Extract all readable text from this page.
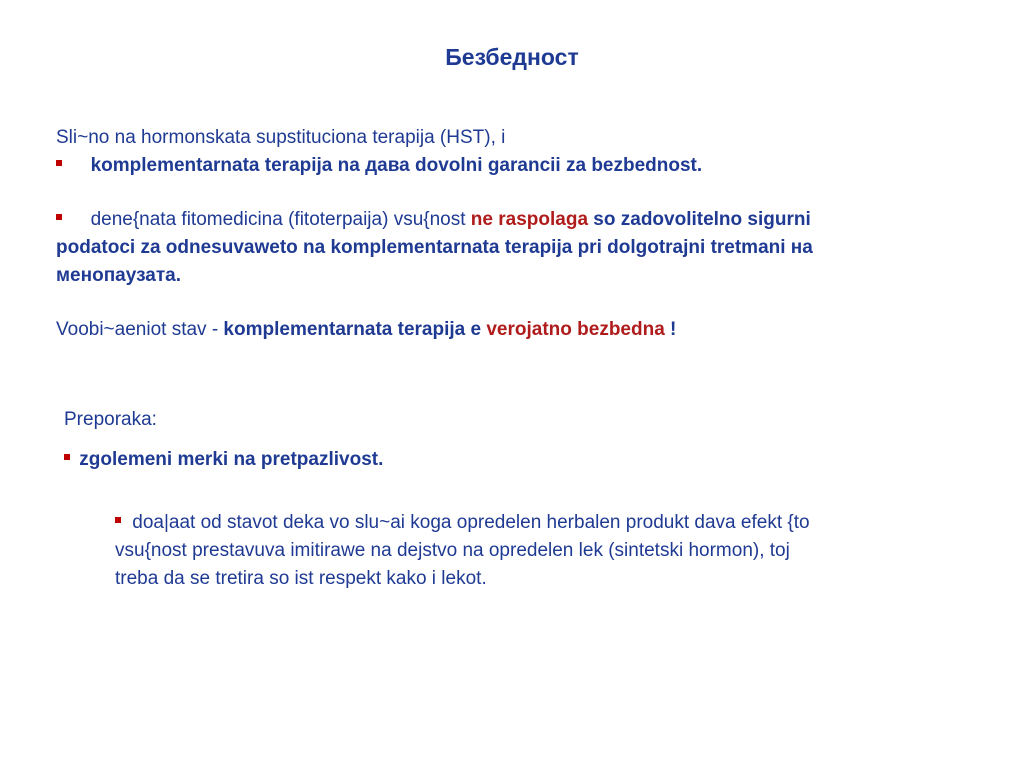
Безбедност
Sli~no na hormonskata supstituciona terapija (HST), i
komplementarnata terapija na дава dovolni garancii za bezbednost.
dene{nata fitomedicina (fitoterpaija) vsu{nost ne raspolaga so zadovolitelno sigurni
podatoci za odnesuvaweto na komplementarnata terapija pri dolgotrajni tretmani на
менопаузата.
Voobi~aeniot stav - komplementarnata terapija e verojatno bezbedna !
Preporaka:
zgolemeni merki na pretpazlivost.
doa|aat od stavot deka vo slu~ai koga opredelen herbalen produkt dava efekt {to
vsu{nost prestavuva imitirawe na dejstvo na opredelen lek (sintetski hormon), toj
treba da se tretira so ist respekt kako i lekot.
